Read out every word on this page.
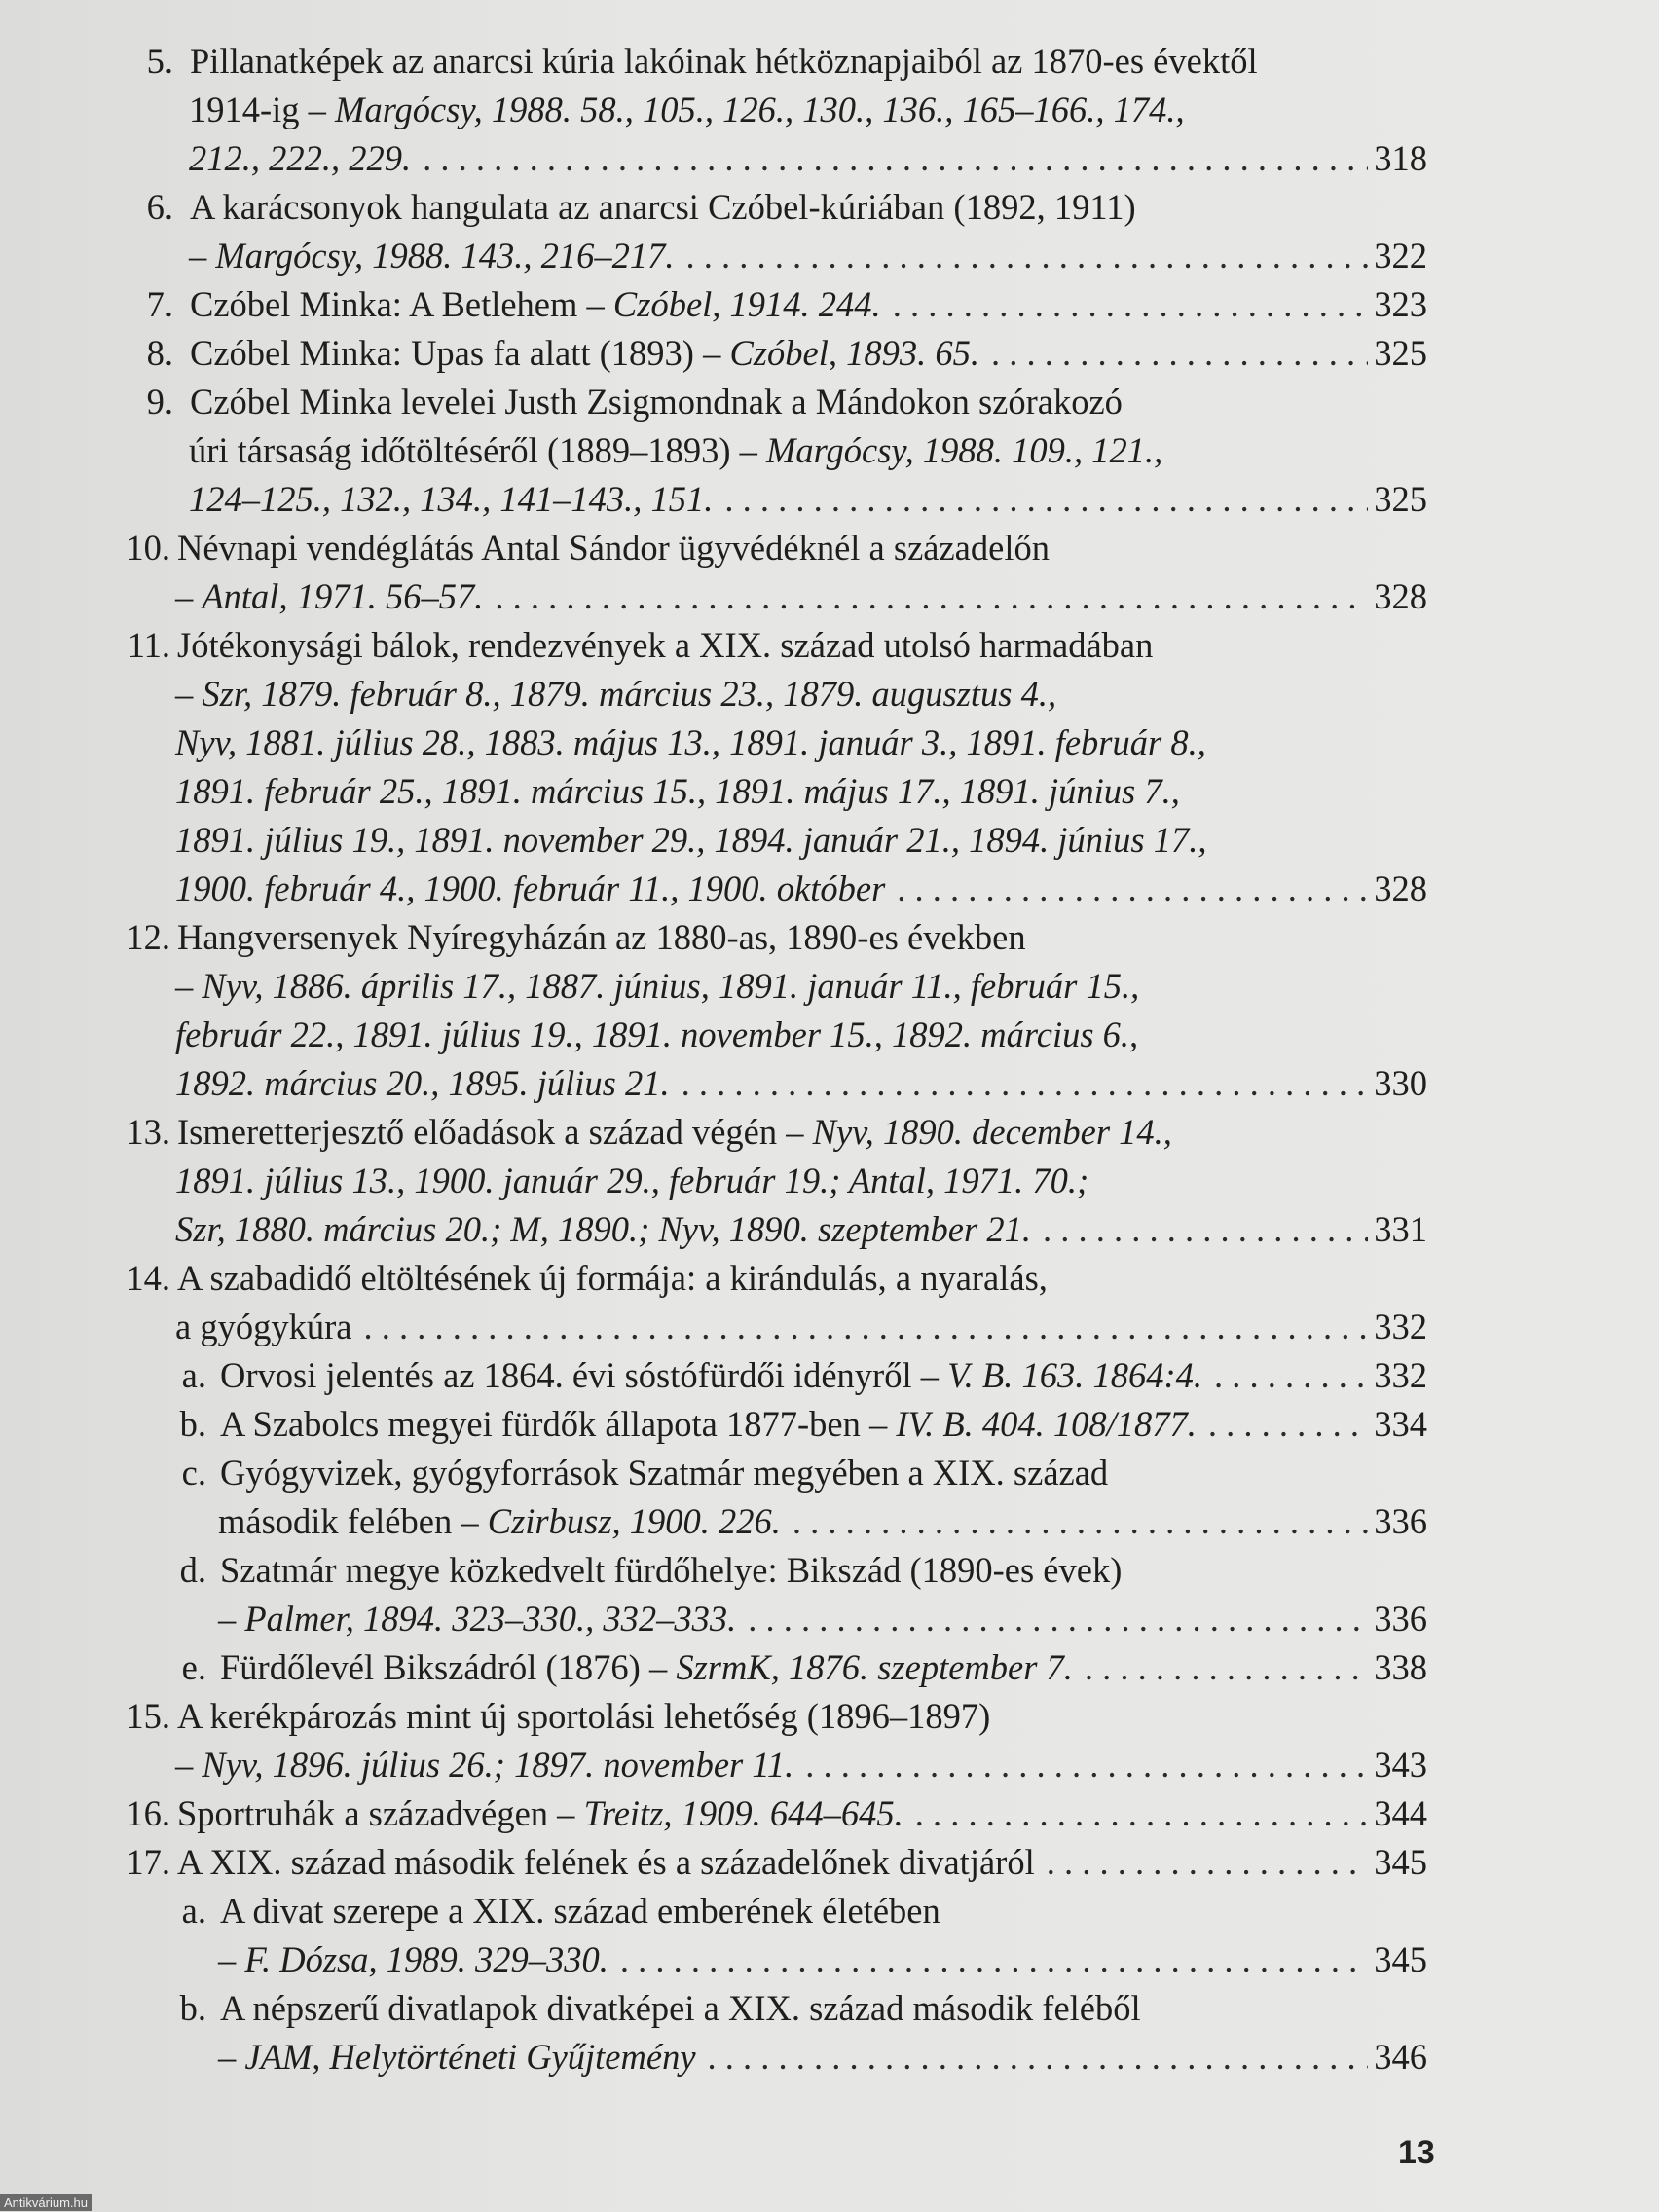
5. Pillanatképek az anarcsi kúria lakóinak hétköznapjaiból az 1870-es évektől
1914-ig – Margócsy, 1988. 58., 105., 126., 130., 136., 165–166., 174.,
212., 222., 229. . . .	318
6. A karácsonyok hangulata az anarcsi Czóbel-kúriában (1892, 1911)
– Margócsy, 1988. 143., 216–217. . . .	322
7. Czóbel Minka: A Betlehem – Czóbel, 1914. 244. . . .	323
8. Czóbel Minka: Upas fa alatt (1893) – Czóbel, 1893. 65. . . .	325
9. Czóbel Minka levelei Justh Zsigmondnak a Mándokon szórakozó
úri társaság időtöltéséről (1889–1893) – Margócsy, 1988. 109., 121.,
124–125., 132., 134., 141–143., 151. . . .	325
10. Névnapi vendéglátás Antal Sándor ügyvédéknél a századelőn
– Antal, 1971. 56–57. . . .	328
11. Jótékonysági bálok, rendezvények a XIX. század utolsó harmadában
– Szr, 1879. február 8., 1879. március 23., 1879. augusztus 4.,
Nyv, 1881. július 28., 1883. május 13., 1891. január 3., 1891. február 8.,
1891. február 25., 1891. március 15., 1891. május 17., 1891. június 7.,
1891. július 19., 1891. november 29., 1894. január 21., 1894. június 17.,
1900. február 4., 1900. február 11., 1900. október . . .	328
12. Hangversenyek Nyíregyházán az 1880-as, 1890-es években
– Nyv, 1886. április 17., 1887. június, 1891. január 11., február 15.,
február 22., 1891. július 19., 1891. november 15., 1892. március 6.,
1892. március 20., 1895. július 21. . . .	330
13. Ismeretterjesztő előadások a század végén – Nyv, 1890. december 14.,
1891. július 13., 1900. január 29., február 19.; Antal, 1971. 70.;
Szr, 1880. március 20.; M, 1890.; Nyv, 1890. szeptember 21. . . .	331
14. A szabadidő eltöltésének új formája: a kirándulás, a nyaralás,
a gyógykúra . . .	332
a. Orvosi jelentés az 1864. évi sóstófürdői idényről – V. B. 163. 1864:4. . . .	332
b. A Szabolcs megyei fürdők állapota 1877-ben – IV. B. 404. 108/1877. . . .	334
c. Gyógyvizek, gyógyforrások Szatmár megyében a XIX. század
második felében – Czirbusz, 1900. 226. . . .	336
d. Szatmár megye közkedvelt fürdőhelye: Bikszád (1890-es évek)
– Palmer, 1894. 323–330., 332–333. . . .	336
e. Fürdőlevél Bikszádról (1876) – SzrmK, 1876. szeptember 7. . . .	338
15. A kerékpározás mint új sportolási lehetőség (1896–1897)
– Nyv, 1896. július 26.; 1897. november 11. . . .	343
16. Sportruhák a századvégen – Treitz, 1909. 644–645. . . .	344
17. A XIX. század második felének és a századelőnek divatjáról . . .	345
a. A divat szerepe a XIX. század emberének életében
– F. Dózsa, 1989. 329–330. . . .	345
b. A népszerű divatlapok divatképei a XIX. század második feléből
– JAM, Helytörténeti Gyűjtemény . . .	346
13
Antikvárium.hu
